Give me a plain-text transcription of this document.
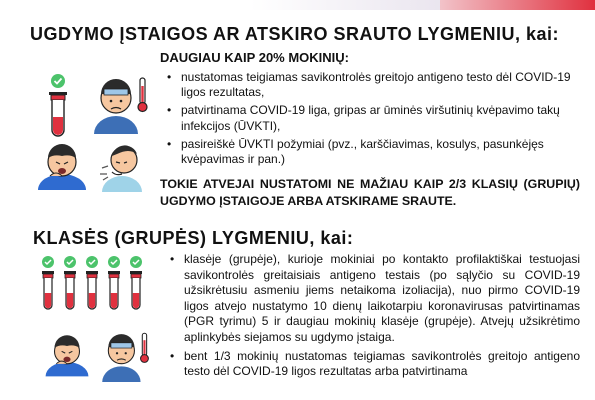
UGDYMO ĮSTAIGOS AR ATSKIRO SRAUTO LYGMENIU, kai:
DAUGIAU KAIP 20% MOKINIŲ:
• nustatomas teigiamas savikontrolės greitojo antigeno testo dėl COVID-19 ligos rezultatas,
• patvirtinama COVID-19 liga, gripas ar ūminės viršutinių kvėpavimo takų infekcijos (ŪVKTI),
• pasireiškė ŪVKTI požymiai (pvz., karščiavimas, kosulys, pasunkėjęs kvėpavimas ir pan.)
TOKIE ATVEJAI NUSTATOMI NE MAŽIAU KAIP 2/3 KLASIŲ (GRUPIŲ) UGDYMO ĮSTAIGOJE ARBA ATSKIRAME SRAUTE.
KLASĖS (GRUPĖS) LYGMENIU, kai:
• klasėje (grupėje), kurioje mokiniai po kontakto profilaktiškai testuojasi savikontrolės greitaisiais antigeno testais (po sąlyčio su COVID-19 užsikrėtusiu asmeniu jiems netaikoma izoliacija), nuo pirmo COVID-19 ligos atvejo nustatymo 10 dienų laikotarpiu koronavirusas patvirtinamas (PGR tyrimu) 5 ir daugiau mokinių klasėje (grupėje). Atvejų užsikrėtimo aplinkybės siejamos su ugdymo įstaiga.
• bent 1/3 mokinių nustatomas teigiamas savikontrolės greitojo antigeno testo dėl COVID-19 ligos rezultatas arba patvirtinama
